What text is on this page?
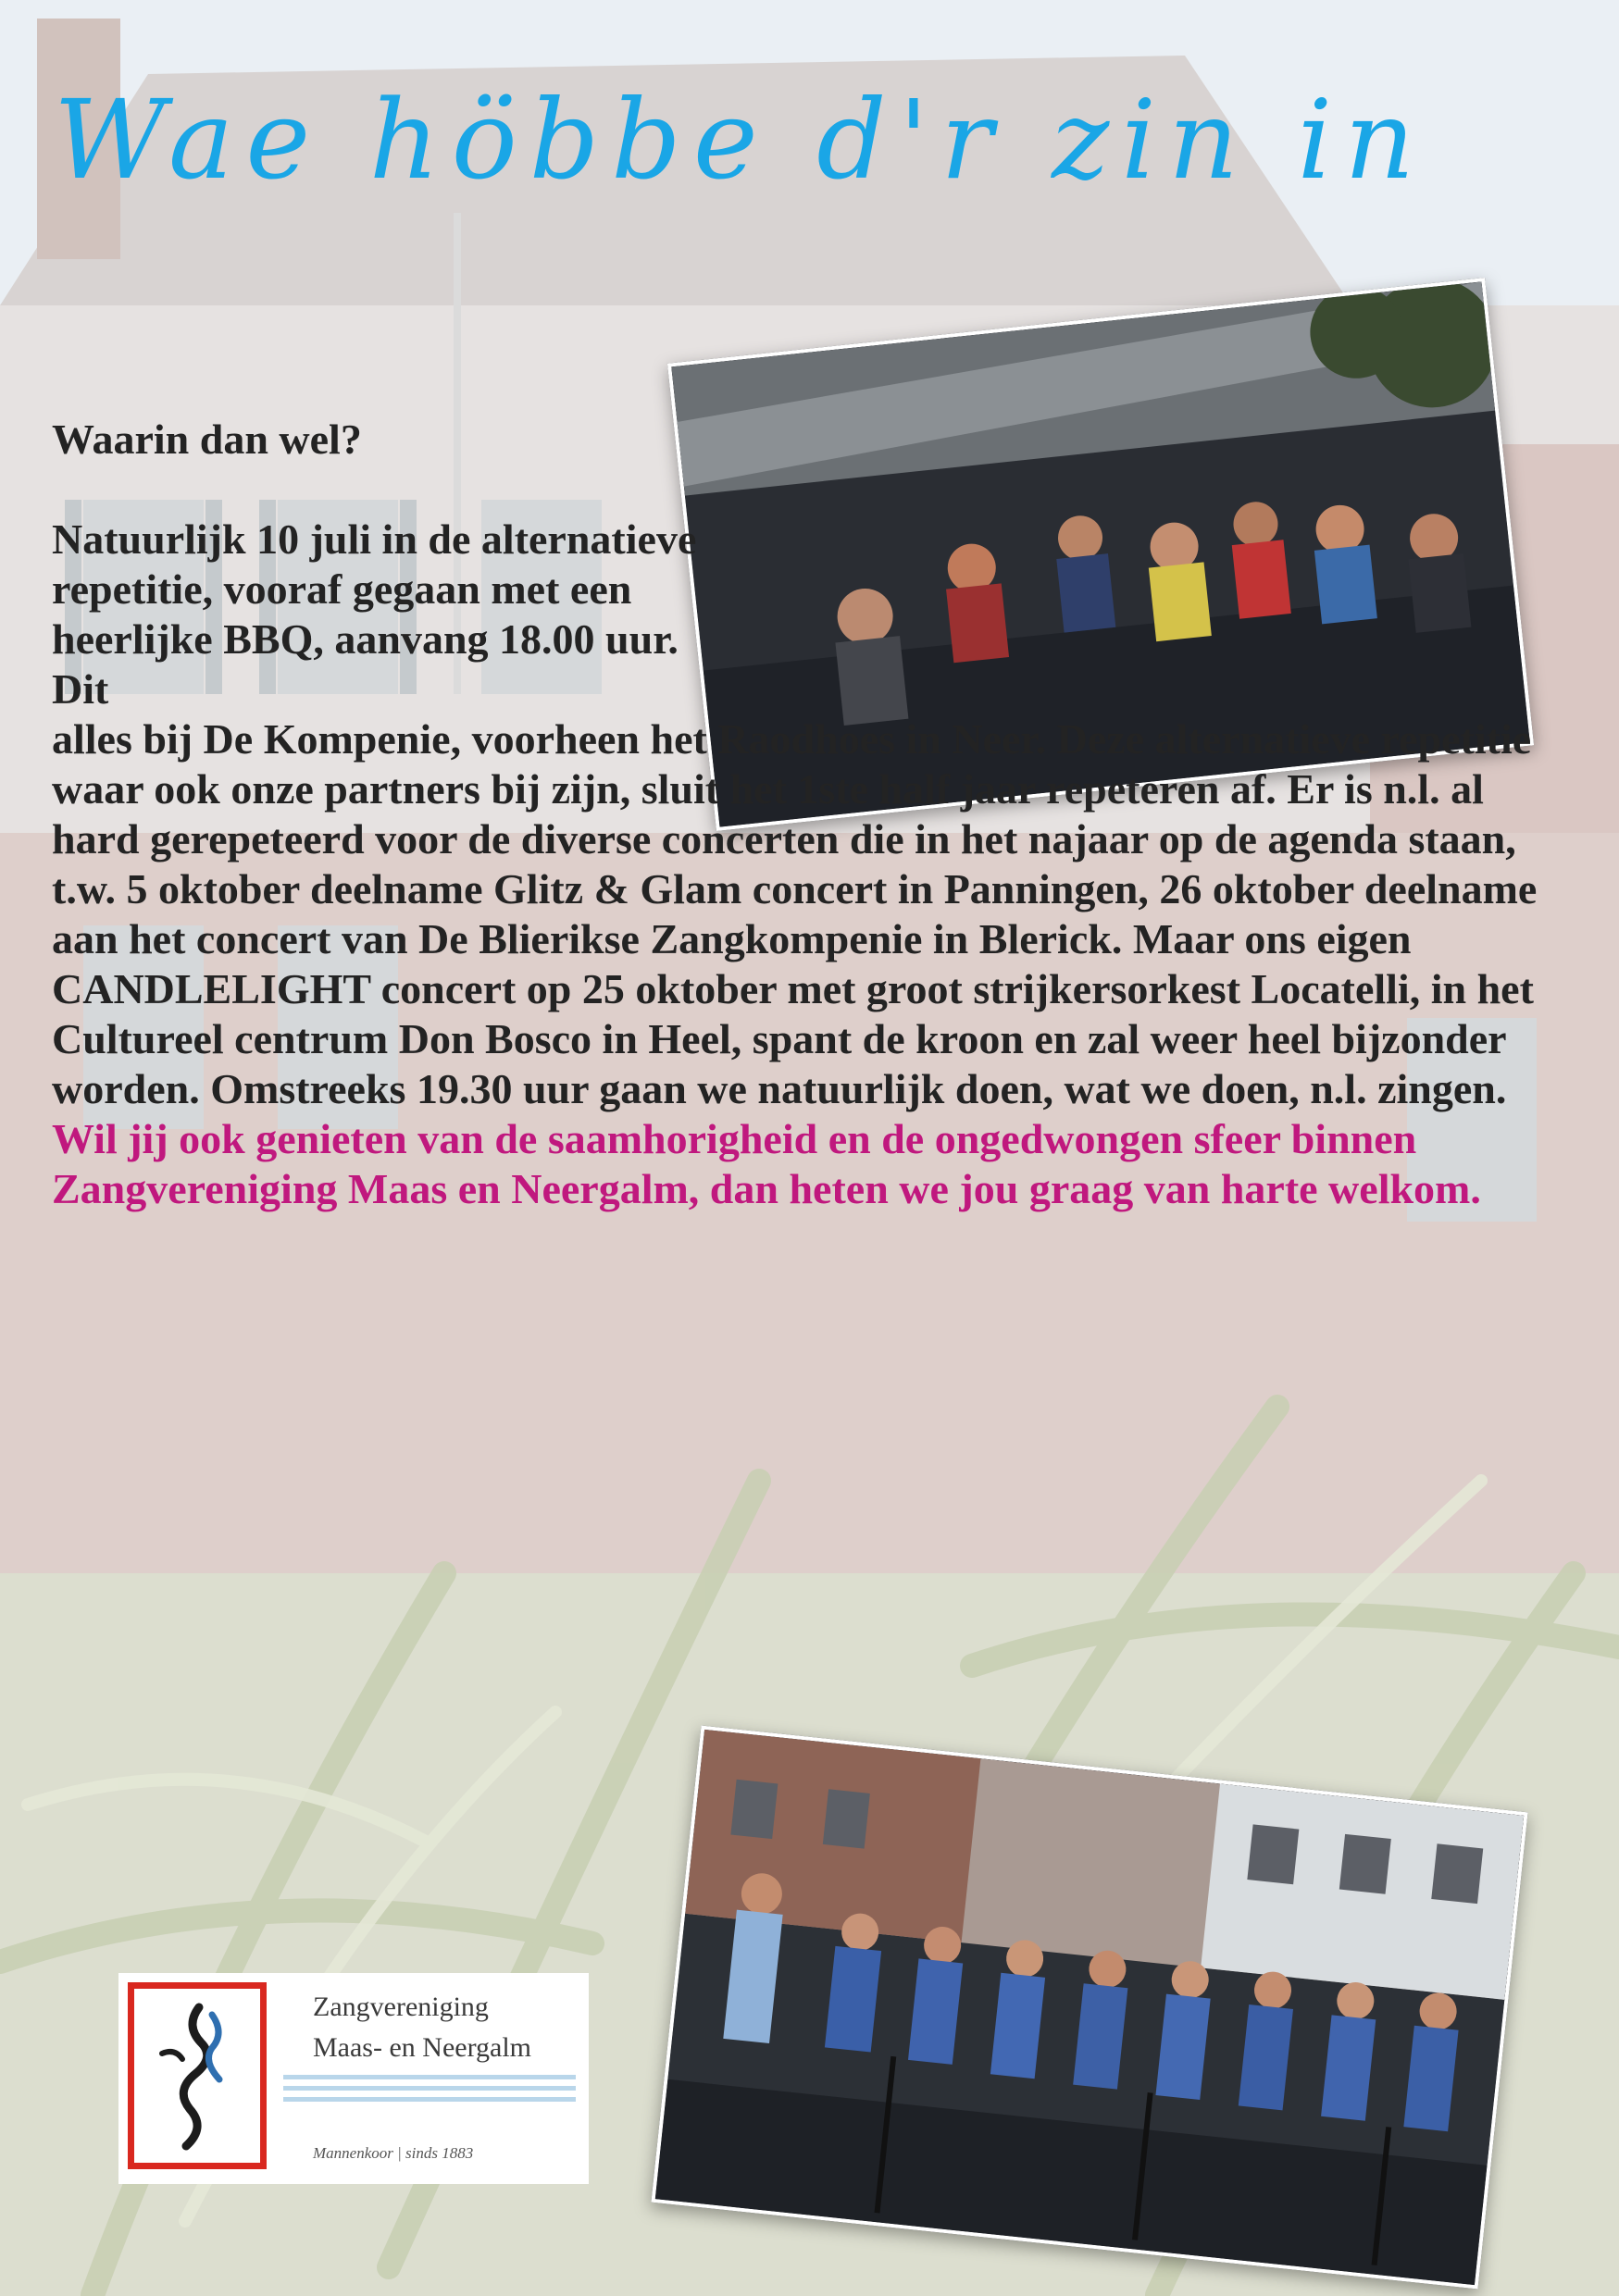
Wae höbbe d'r zin in

Waarin dan wel?

Natuurlijk 10 juli in de alternatieve repetitie, vooraf gegaan met een heerlijke BBQ, aanvang 18.00 uur. Dit

alles bij De Kompenie, voorheen het Raodhoes in Neer. Deze alternatieve repetitie waar ook onze partners bij zijn, sluit het 1ste half jaar repeteren af. Er is n.l. al hard gerepeteerd voor de diverse concerten die in het najaar op de agenda staan, t.w. 5 oktober deelname Glitz & Glam concert in Panningen, 26 oktober deelname aan het concert van De Blierikse Zangkompenie in Blerick. Maar ons eigen CANDLELIGHT concert op 25 oktober met groot strijkersorkest Locatelli, in het Cultureel centrum Don Bosco in Heel, spant de kroon en zal weer heel bijzonder worden. Omstreeks 19.30 uur gaan we natuurlijk doen, wat we doen, n.l. zingen.

Wil jij ook genieten van de saamhorigheid en de ongedwongen sfeer binnen Zangvereniging Maas en Neergalm, dan heten we jou graag van harte welkom.

Zangvereniging
Maas- en Neergalm
Mannenkoor | sinds 1883
